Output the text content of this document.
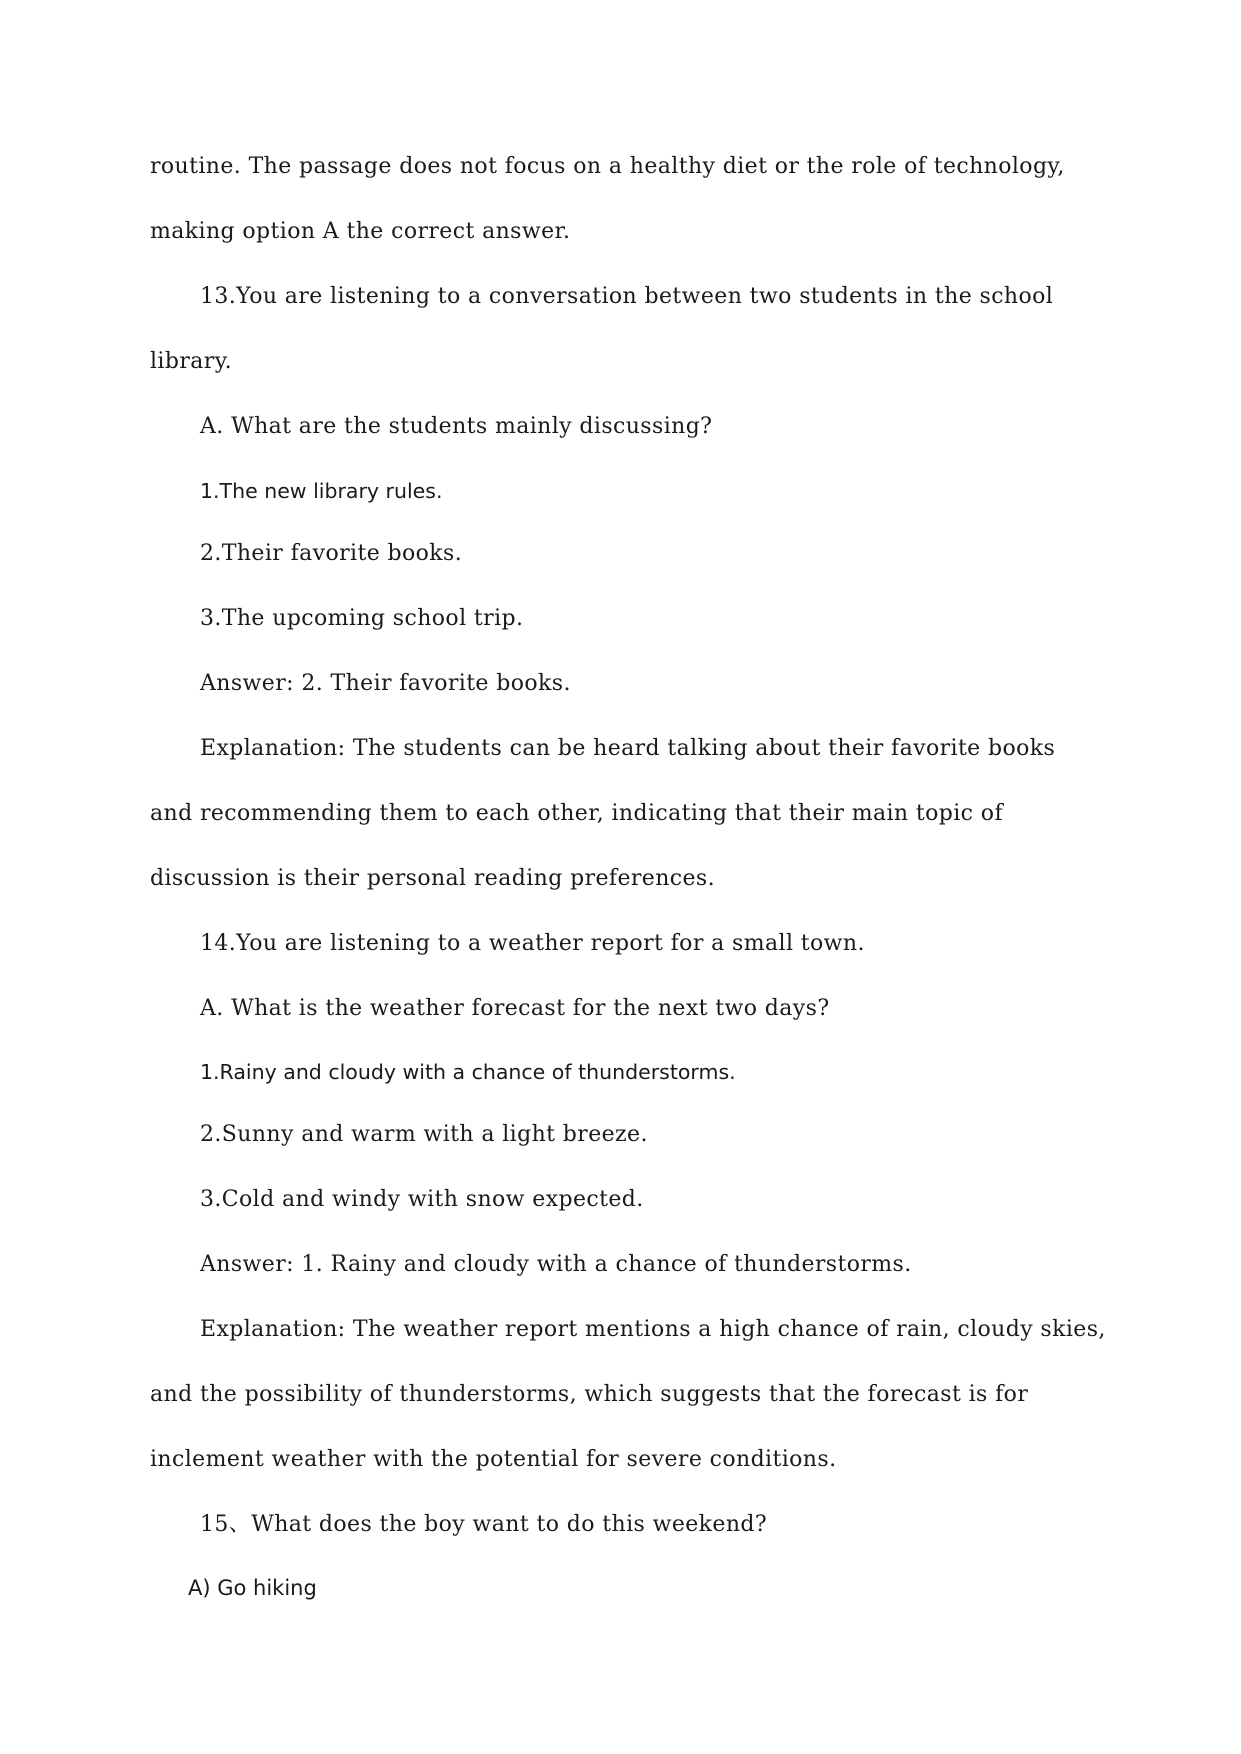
routine. The passage does not focus on a healthy diet or the role of technology,
making option A the correct answer.
13.You are listening to a conversation between two students in the school
library.
A. What are the students mainly discussing?
1.The new library rules.
2.Their favorite books.
3.The upcoming school trip.
Answer: 2. Their favorite books.
Explanation: The students can be heard talking about their favorite books
and recommending them to each other, indicating that their main topic of
discussion is their personal reading preferences.
14.You are listening to a weather report for a small town.
A. What is the weather forecast for the next two days?
1.Rainy and cloudy with a chance of thunderstorms.
2.Sunny and warm with a light breeze.
3.Cold and windy with snow expected.
Answer: 1. Rainy and cloudy with a chance of thunderstorms.
Explanation: The weather report mentions a high chance of rain, cloudy skies,
and the possibility of thunderstorms, which suggests that the forecast is for
inclement weather with the potential for severe conditions.
15、What does the boy want to do this weekend?
A) Go hiking
